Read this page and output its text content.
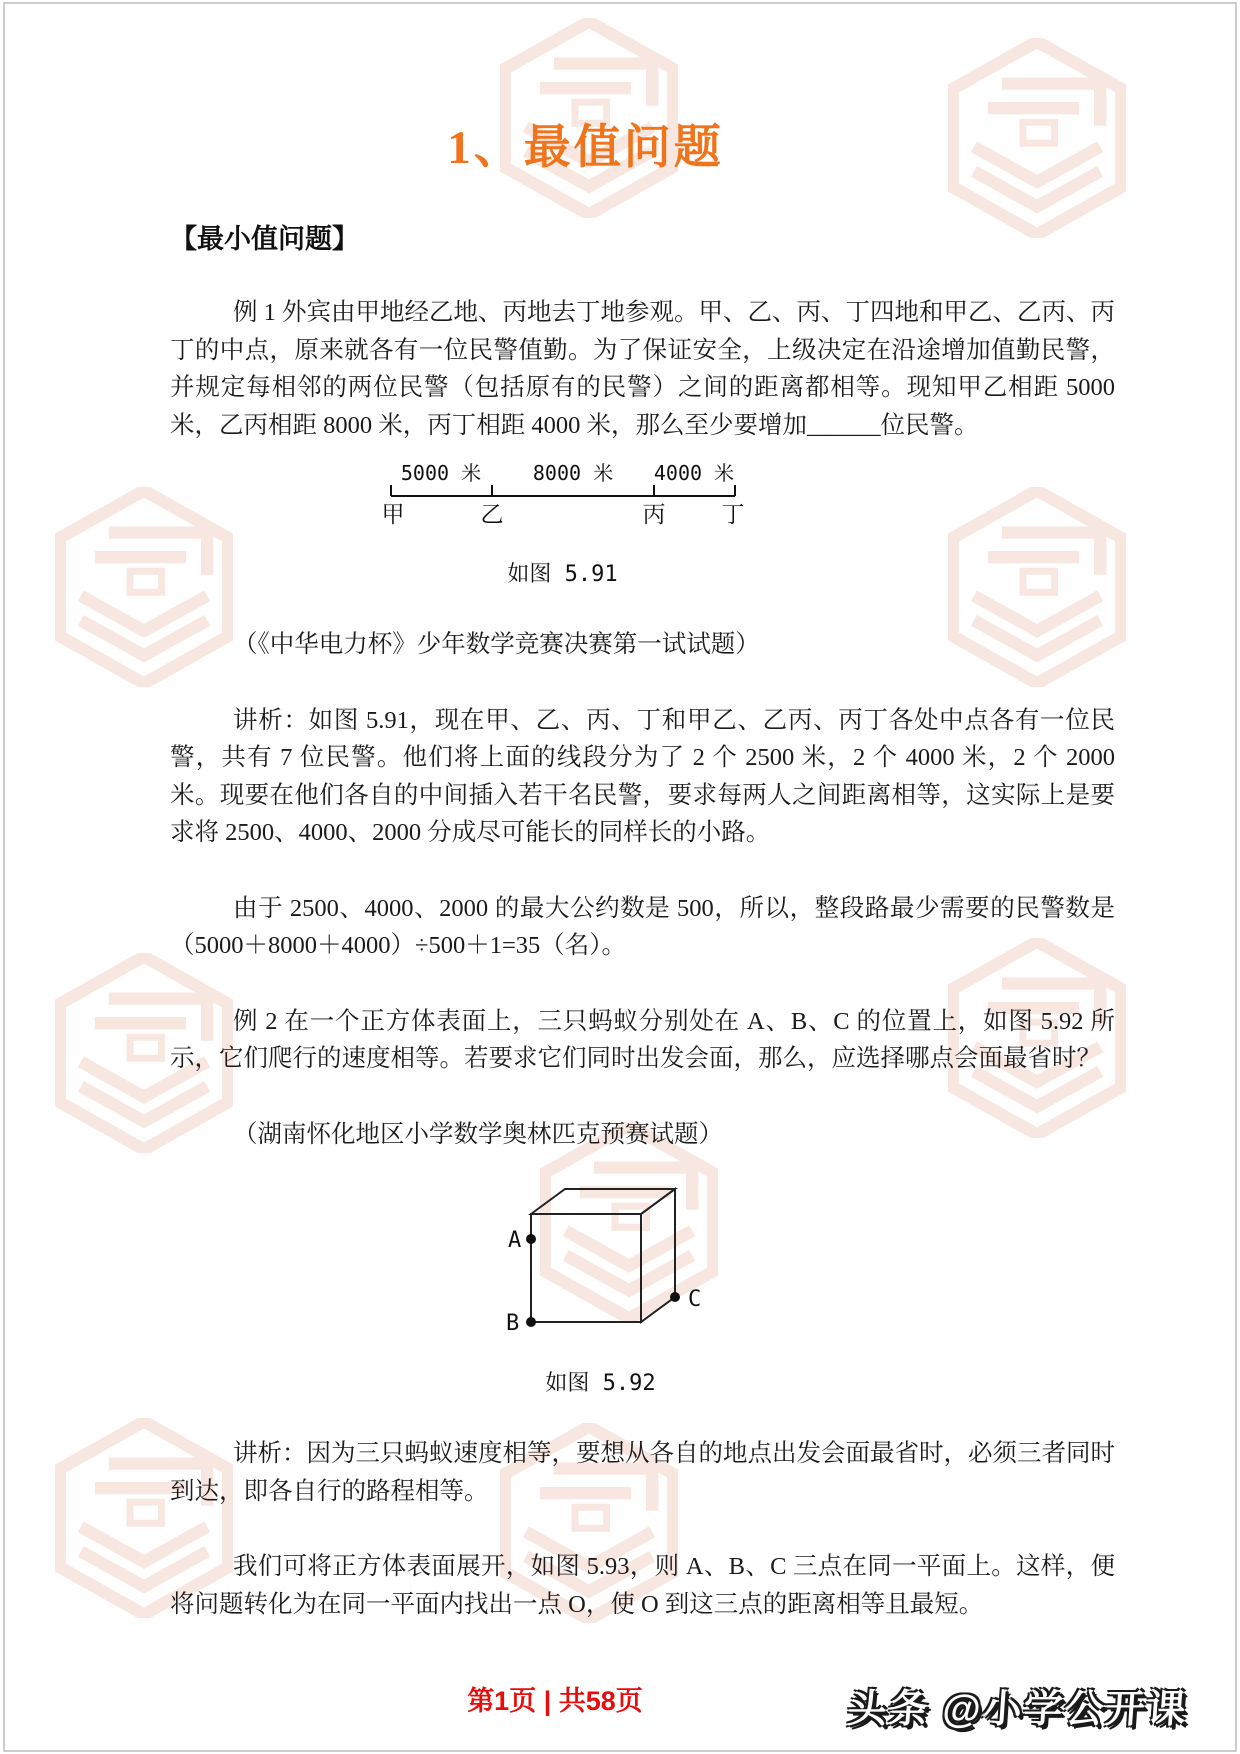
1、最值问题
【最小值问题】

例 1 外宾由甲地经乙地、丙地去丁地参观。甲、乙、丙、丁四地和甲乙、乙丙、丙丁的中点，原来就各有一位民警值勤。为了保证安全，上级决定在沿途增加值勤民警，并规定每相邻的两位民警（包括原有的民警）之间的距离都相等。现知甲乙相距 5000 米，乙丙相距 8000 米，丙丁相距 4000 米，那么至少要增加______位民警。

5000 米	8000 米 4000 米
甲	乙	丙 丁
如图 5.91

（《中华电力杯》少年数学竞赛决赛第一试试题）

讲析：如图 5.91，现在甲、乙、丙、丁和甲乙、乙丙、丙丁各处中点各有一位民警，共有 7 位民警。他们将上面的线段分为了 2 个 2500 米，2 个 4000 米，2 个 2000 米。现要在他们各自的中间插入若干名民警，要求每两人之间距离相等，这实际上是要求将 2500、4000、2000 分成尽可能长的同样长的小路。

由于 2500、4000、2000 的最大公约数是 500，所以，整段路最少需要的民警数是（5000＋8000＋4000）÷500＋1=35（名）。

例 2 在一个正方体表面上，三只蚂蚁分别处在 A、B、C 的位置上，如图 5.92 所示，它们爬行的速度相等。若要求它们同时出发会面，那么，应选择哪点会面最省时？

（湖南怀化地区小学数学奥林匹克预赛试题）

A
B
C
如图 5.92

讲析：因为三只蚂蚁速度相等，要想从各自的地点出发会面最省时，必须三者同时到达，即各自行的路程相等。

我们可将正方体表面展开，如图 5.93，则 A、B、C 三点在同一平面上。这样，便将问题转化为在同一平面内找出一点 O，使 O 到这三点的距离相等且最短。

第1页 | 共58页	头条 @小学公开课
